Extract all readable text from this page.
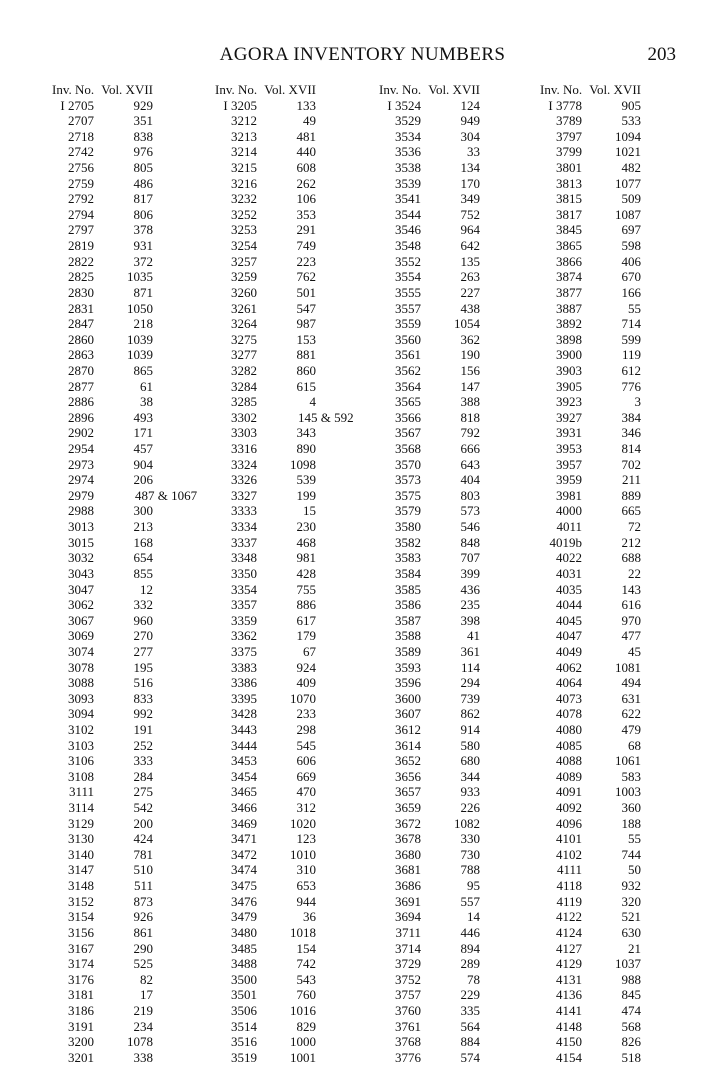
AGORA INVENTORY NUMBERS	203
Inv. No. Vol. XVII
I 2705	929
2707	351
2718	838
2742	976
2756	805
2759	486
2792	817
2794	806
2797	378
2819	931
2822	372
2825	1035
2830	871
2831	1050
2847	218
2860	1039
2863	1039
2870	865
2877	61
2886	38
2896	493
2902	171
2954	457
2973	904
2974	206
2979	487 & 1067
2988	300
3013	213
3015	168
3032	654
3043	855
3047	12
3062	332
3067	960
3069	270
3074	277
3078	195
3088	516
3093	833
3094	992
3102	191
3103	252
3106	333
3108	284
3111	275
3114	542
3129	200
3130	424
3140	781
3147	510
3148	511
3152	873
3154	926
3156	861
3167	290
3174	525
3176	82
3181	17
3186	219
3191	234
3200	1078
3201	338
Inv. No. Vol. XVII
I 3205	133
3212	49
3213	481
3214	440
3215	608
3216	262
3232	106
3252	353
3253	291
3254	749
3257	223
3259	762
3260	501
3261	547
3264	987
3275	153
3277	881
3282	860
3284	615
3285	4
3302	145 & 592
3303	343
3316	890
3324	1098
3326	539
3327	199
3333	15
3334	230
3337	468
3348	981
3350	428
3354	755
3357	886
3359	617
3362	179
3375	67
3383	924
3386	409
3395	1070
3428	233
3443	298
3444	545
3453	606
3454	669
3465	470
3466	312
3469	1020
3471	123
3472	1010
3474	310
3475	653
3476	944
3479	36
3480	1018
3485	154
3488	742
3500	543
3501	760
3506	1016
3514	829
3516	1000
3519	1001
Inv. No. Vol. XVII
I 3524	124
3529	949
3534	304
3536	33
3538	134
3539	170
3541	349
3544	752
3546	964
3548	642
3552	135
3554	263
3555	227
3557	438
3559	1054
3560	362
3561	190
3562	156
3564	147
3565	388
3566	818
3567	792
3568	666
3570	643
3573	404
3575	803
3579	573
3580	546
3582	848
3583	707
3584	399
3585	436
3586	235
3587	398
3588	41
3589	361
3593	114
3596	294
3600	739
3607	862
3612	914
3614	580
3652	680
3656	344
3657	933
3659	226
3672	1082
3678	330
3680	730
3681	788
3686	95
3691	557
3694	14
3711	446
3714	894
3729	289
3752	78
3757	229
3760	335
3761	564
3768	884
3776	574
Inv. No. Vol. XVII
I 3778	905
3789	533
3797	1094
3799	1021
3801	482
3813	1077
3815	509
3817	1087
3845	697
3865	598
3866	406
3874	670
3877	166
3887	55
3892	714
3898	599
3900	119
3903	612
3905	776
3923	3
3927	384
3931	346
3953	814
3957	702
3959	211
3981	889
4000	665
4011	72
4019b	212
4022	688
4031	22
4035	143
4044	616
4045	970
4047	477
4049	45
4062	1081
4064	494
4073	631
4078	622
4080	479
4085	68
4088	1061
4089	583
4091	1003
4092	360
4096	188
4101	55
4102	744
4111	50
4118	932
4119	320
4122	521
4124	630
4127	21
4129	1037
4131	988
4136	845
4141	474
4148	568
4150	826
4154	518
